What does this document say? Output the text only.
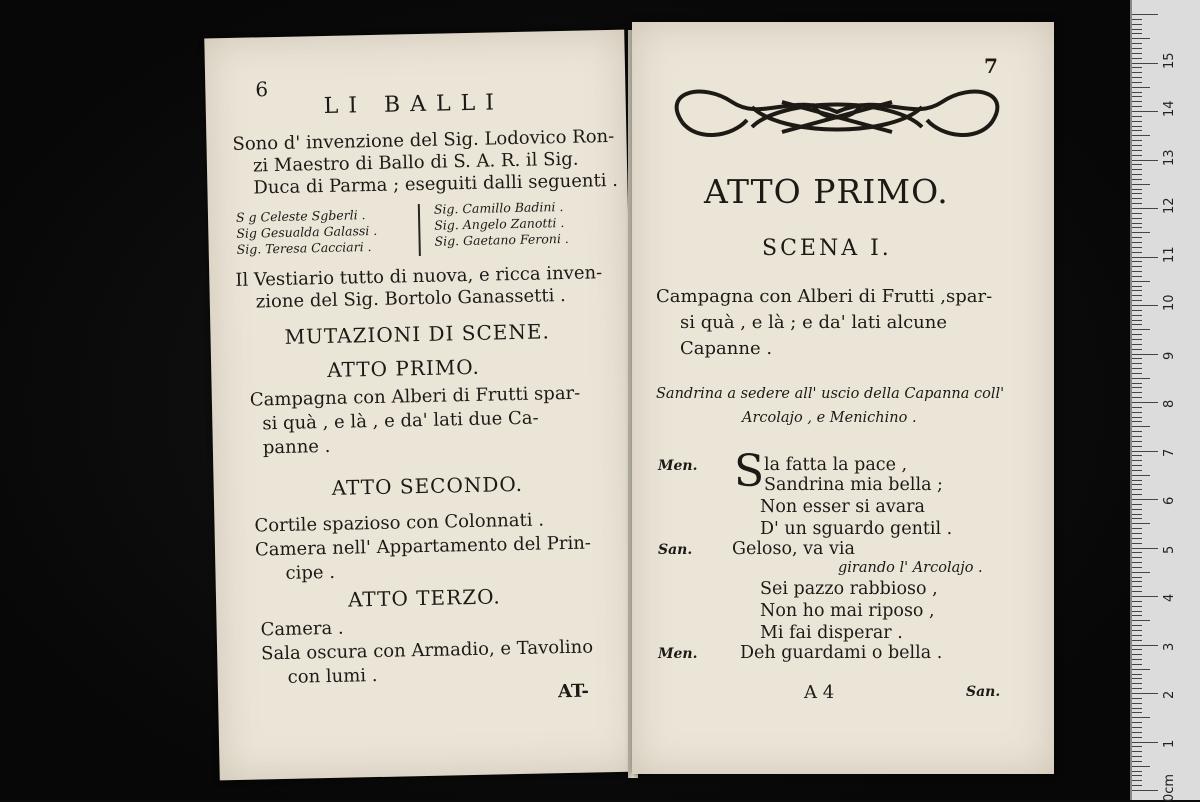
6
LI BALLI
Sono d' invenzione del Sig. Lodovico Ron-
zi Maestro di Ballo di S. A. R. il Sig.
Duca di Parma ; eseguiti dalli seguenti .
S g Celeste Sgberli .
Sig Gesualda Galassi .
Sig. Teresa Cacciari .
Sig. Camillo Badini .
Sig. Angelo Zanotti .
Sig. Gaetano Feroni .
Il Vestiario tutto di nuova, e ricca inven-
zione del Sig. Bortolo Ganassetti .
MUTAZIONI DI SCENE.
ATTO PRIMO.
Campagna con Alberi di Frutti spar-
si quà , e là , e da' lati due Ca-
panne .
ATTO SECONDO.
Cortile spazioso con Colonnati .
Camera nell' Appartamento del Prin-
cipe .
ATTO TERZO.
Camera .
Sala oscura con Armadio, e Tavolino
con lumi .
AT-
7
ATTO PRIMO.
SCENA I.
Campagna con Alberi di Frutti ,spar-
si quà , e là ; e da' lati alcune
Capanne .
Sandrina a sedere all' uscio della Capanna coll'
Arcolajo , e Menichino .
S
Men.	la fatta la pace ,
Sandrina mia bella ;
Non esser si avara
D' un sguardo gentil .
San. Geloso, va via
girando l' Arcolajo .
Sei pazzo rabbioso ,
Non ho mai riposo ,
Mi fai disperar .
Men. Deh guardami o bella .
A 4	San.
0cm
1
2
3
4
5
6
7
8
9
10
11
12
13
14
15
